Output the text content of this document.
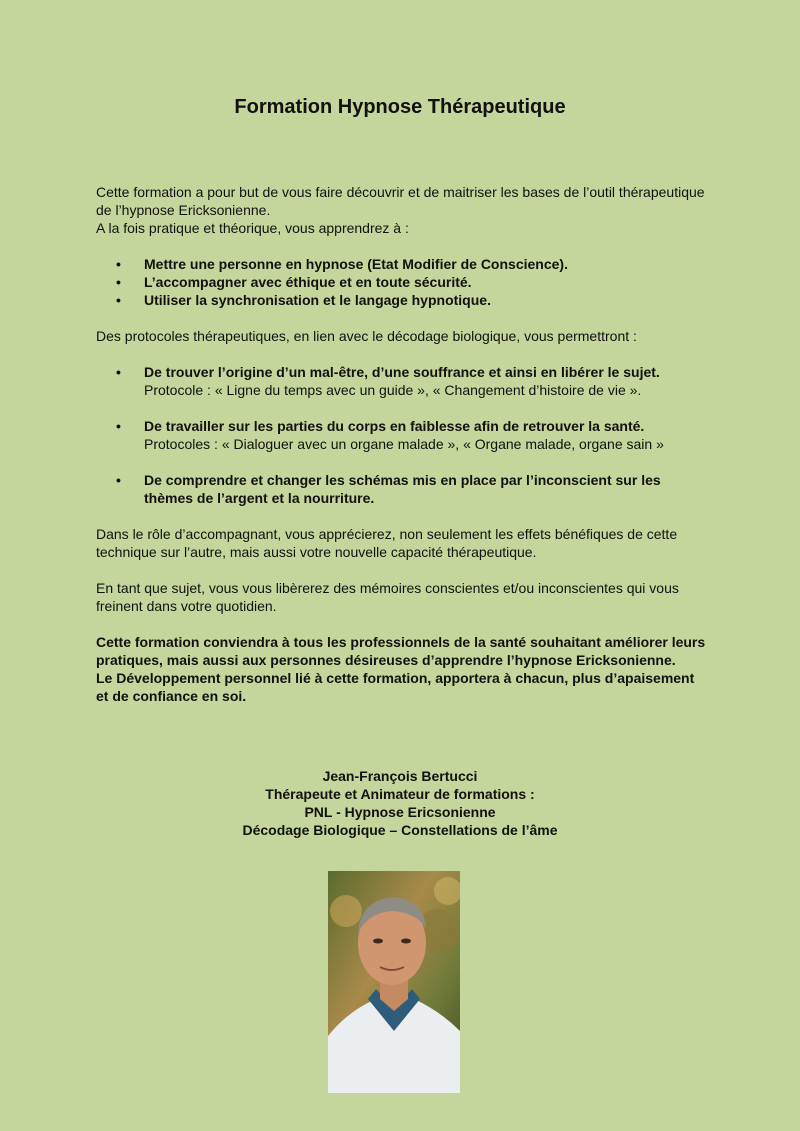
Formation Hypnose Thérapeutique

Cette formation a pour but de vous faire découvrir et de maitriser les bases de l’outil thérapeutique de l’hypnose Ericksonienne.
A la fois pratique et théorique, vous apprendrez à :

• Mettre une personne en hypnose (Etat Modifier de Conscience).
• L’accompagner avec éthique et en toute sécurité.
• Utiliser la synchronisation et le langage hypnotique.

Des protocoles thérapeutiques, en lien avec le décodage biologique, vous permettront :

• De trouver l’origine d’un mal-être, d’une souffrance et ainsi en libérer le sujet.
Protocole : « Ligne du temps avec un guide », « Changement d’histoire de vie ».
• De travailler sur les parties du corps en faiblesse afin de retrouver la santé.
Protocoles : « Dialoguer avec un organe malade », « Organe malade, organe sain »
• De comprendre et changer les schémas mis en place par l’inconscient sur les thèmes de l’argent et la nourriture.

Dans le rôle d’accompagnant, vous apprécierez, non seulement les effets bénéfiques de cette technique sur l’autre, mais aussi votre nouvelle capacité thérapeutique.

En tant que sujet, vous vous libèrerez des mémoires conscientes et/ou inconscientes qui vous freinent dans votre quotidien.

Cette formation conviendra à tous les professionnels de la santé souhaitant améliorer leurs pratiques, mais aussi aux personnes désireuses d’apprendre l’hypnose Ericksonienne.
Le Développement personnel lié à cette formation, apportera à chacun, plus d’apaisement et de confiance en soi.

Jean-François Bertucci
Thérapeute et Animateur de formations :
PNL - Hypnose Ericsonienne
Décodage Biologique – Constellations de l’âme
